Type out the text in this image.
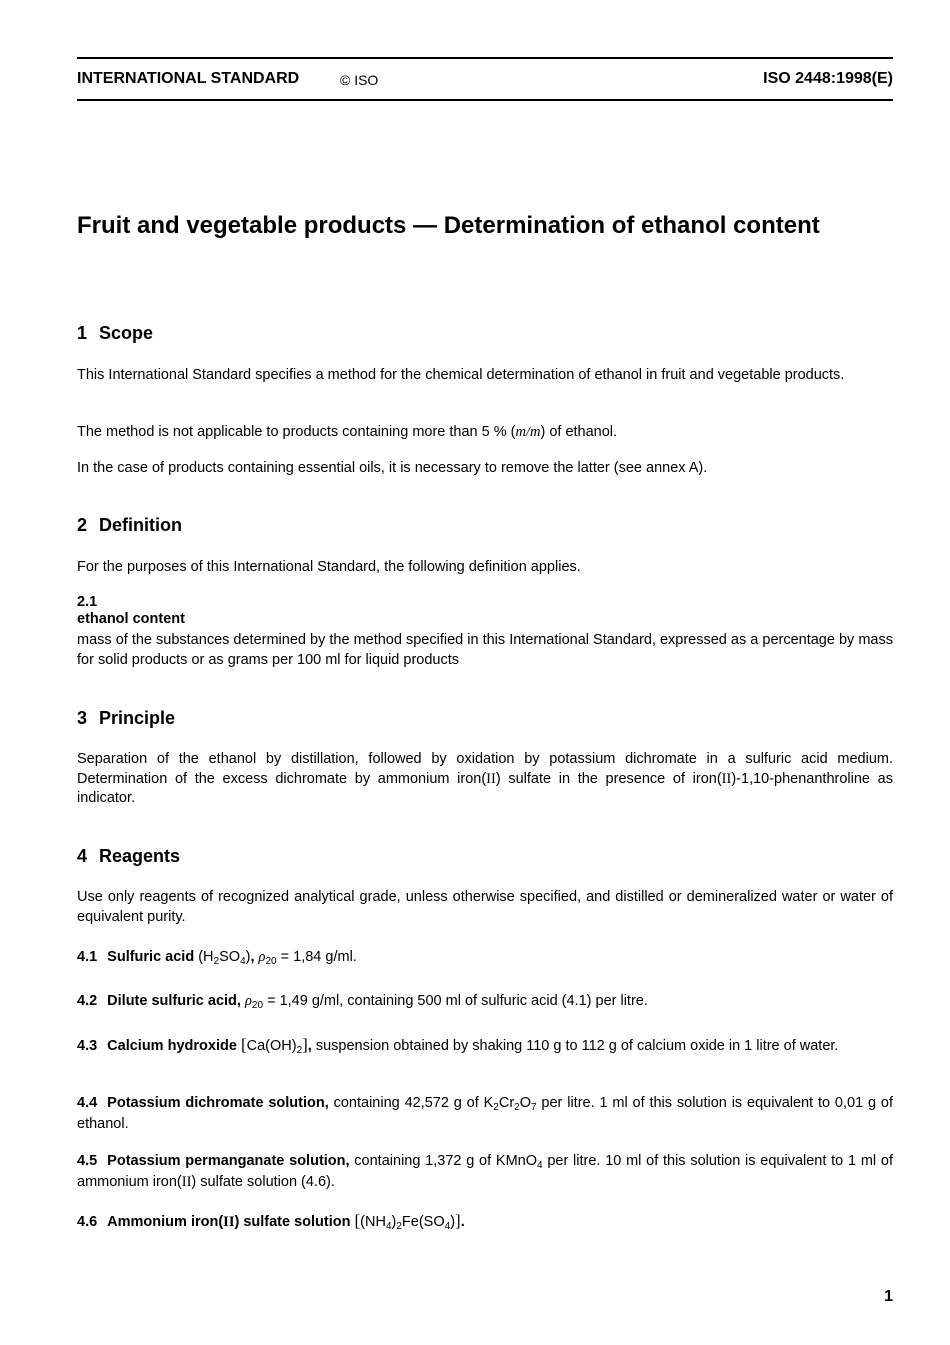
INTERNATIONAL STANDARD	© ISO	ISO 2448:1998(E)
Fruit and vegetable products — Determination of ethanol content
1 Scope

This International Standard specifies a method for the chemical determination of ethanol in fruit and vegetable products.

The method is not applicable to products containing more than 5 % (m/m) of ethanol.

In the case of products containing essential oils, it is necessary to remove the latter (see annex A).

2 Definition

For the purposes of this International Standard, the following definition applies.

2.1

ethanol content

mass of the substances determined by the method specified in this International Standard, expressed as a percentage by mass for solid products or as grams per 100 ml for liquid products

3 Principle

Separation of the ethanol by distillation, followed by oxidation by potassium dichromate in a sulfuric acid medium. Determination of the excess dichromate by ammonium iron(II) sulfate in the presence of iron(II)-1,10-phenanthroline as indicator.

4 Reagents

Use only reagents of recognized analytical grade, unless otherwise specified, and distilled or demineralized water or water of equivalent purity.

4.1 Sulfuric acid $(H_2SO_4)$, $\rho_{20} = 1,84$ g/ml.

4.2 Dilute sulfuric acid, $\rho_{20} = 1,49$ g/ml, containing 500 ml of sulfuric acid (4.1) per litre.

4.3 Calcium hydroxide $[Ca(OH)_2]$, suspension obtained by shaking 110 g to 112 g of calcium oxide in 1 litre of water.

4.4 Potassium dichromate solution, containing 42,572 g of $K_2Cr_2O_7$ per litre. 1 ml of this solution is equivalent to 0,01 g of ethanol.

4.5 Potassium permanganate solution, containing 1,372 g of KMnO$_4$ per litre. 10 ml of this solution is equivalent to 1 ml of ammonium iron(II) sulfate solution (4.6).

4.6 Ammonium iron(II) sulfate solution $[(NH_4)_2Fe(SO_4)]$.

1
